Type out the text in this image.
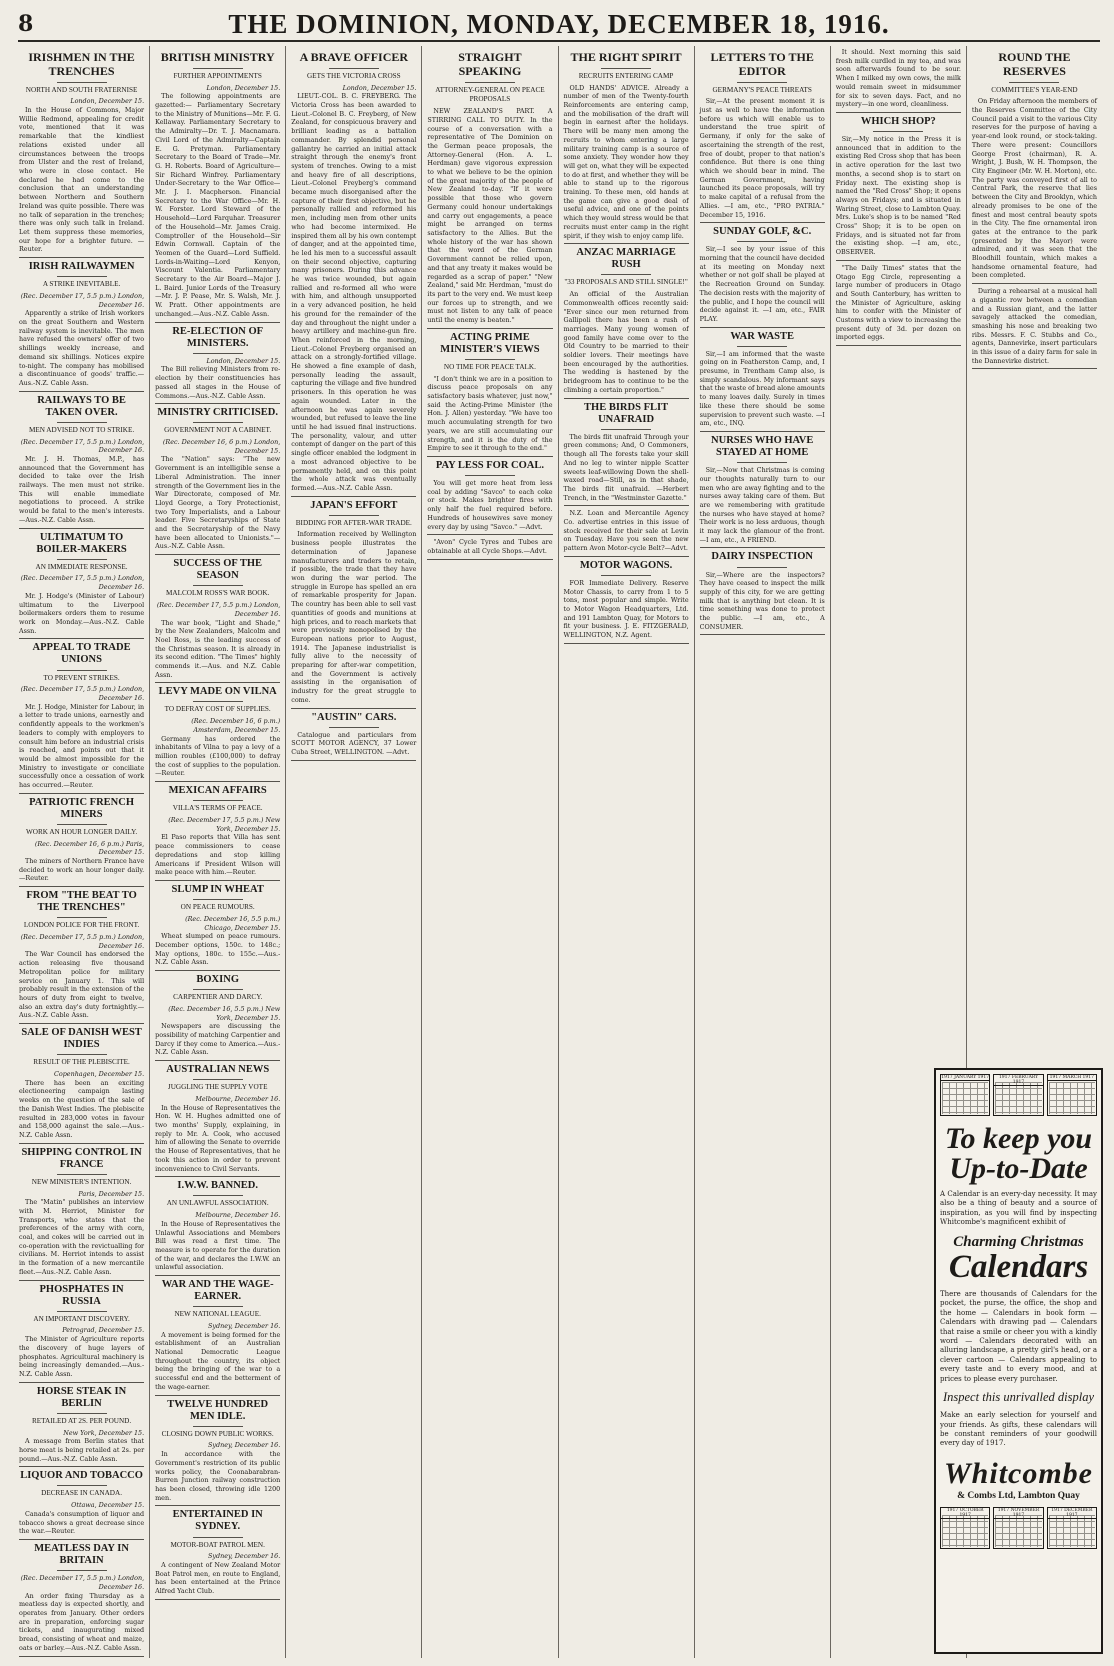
8	THE DOMINION, MONDAY, DECEMBER 18, 1916.
IRISHMEN IN THE TRENCHES
NORTH AND SOUTH FRATERNISE
London, December 15.

In the House of Commons, Major Willie Redmond, appealing for credit vote, mentioned that it was remarkable that the kindliest relations existed under all circumstances between the troops from Ulster and the rest of Ireland, who were in close contact. He declared he had come to the conclusion that an understanding between Northern and Southern Ireland was quite possible. There was no talk of separation in the trenches; there was only such talk in Ireland. Let them suppress these memories, our hope for a brighter future. —Reuter.

IRISH RAILWAYMEN
A STRIKE INEVITABLE.
(Rec. December 17, 5.5 p.m.) London, December 16.

Apparently a strike of Irish workers on the great Southern and Western railway system is inevitable. The men have refused the owners' offer of two shillings weekly increase, and demand six shillings. Notices expire to-night. The company has mobilised a discontinuance of goods' traffic.—Aus.-N.Z. Cable Assn.

RAILWAYS TO BE TAKEN OVER.
MEN ADVISED NOT TO STRIKE.
(Rec. December 17, 5.5 p.m.) London, December 16.

Mr. J. H. Thomas, M.P., has announced that the Government has decided to take over the Irish railways. The men must not strike. This will enable immediate negotiations to proceed. A strike would be fatal to the men's interests.—Aus.-N.Z. Cable Assn.

ULTIMATUM TO BOILER-MAKERS
AN IMMEDIATE RESPONSE.
(Rec. December 17, 5.5 p.m.) London, December 16.

Mr. J. Hodge's (Minister of Labour) ultimatum to the Liverpool boilermakers orders them to resume work on Monday.—Aus.-N.Z. Cable Assn.

APPEAL TO TRADE UNIONS
TO PREVENT STRIKES.
(Rec. December 17, 5.5 p.m.) London, December 16.

Mr. J. Hodge, Minister for Labour, in a letter to trade unions, earnestly and confidently appeals to the workmen's leaders to comply with employers to consult him before an industrial crisis is reached, and points out that it would be almost impossible for the Ministry to investigate or conciliate successfully once a cessation of work has occurred.—Reuter.

PATRIOTIC FRENCH MINERS
WORK AN HOUR LONGER DAILY.
(Rec. December 16, 6 p.m.) Paris, December 15.

The miners of Northern France have decided to work an hour longer daily.—Reuter.

FROM "THE BEAT TO THE TRENCHES"
LONDON POLICE FOR THE FRONT.
(Rec. December 17, 5.5 p.m.) London, December 16.

The War Council has endorsed the action releasing five thousand Metropolitan police for military service on January 1. This will probably result in the extension of the hours of duty from eight to twelve, also an extra day's duty fortnightly.—Aus.-N.Z. Cable Assn.

SALE OF DANISH WEST INDIES
RESULT OF THE PLEBISCITE.
Copenhagen, December 15.

There has been an exciting electioneering campaign lasting weeks on the question of the sale of the Danish West Indies. The plebiscite resulted in 283,000 votes in favour and 158,000 against the sale.—Aus.-N.Z. Cable Assn.

SHIPPING CONTROL IN FRANCE
NEW MINISTER'S INTENTION.
Paris, December 15.

The "Matin" publishes an interview with M. Herriot, Minister for Transports, who states that the preferences of the army with corn, coal, and cokes will be carried out in co-operation with the revictualling for civilians. M. Herriot intends to assist in the formation of a new mercantile fleet.—Aus.-N.Z. Cable Assn.

PHOSPHATES IN RUSSIA
AN IMPORTANT DISCOVERY.
Petrograd, December 15.

The Minister of Agriculture reports the discovery of huge layers of phosphates. Agricultural machinery is being increasingly demanded.—Aus.-N.Z. Cable Assn.

HORSE STEAK IN BERLIN
RETAILED AT 2S. PER POUND.
New York, December 15.

A message from Berlin states that horse meat is being retailed at 2s. per pound.—Aus.-N.Z. Cable Assn.

LIQUOR AND TOBACCO
DECREASE IN CANADA.
Ottawa, December 15.

Canada's consumption of liquor and tobacco shows a great decrease since the war.—Reuter.

MEATLESS DAY IN BRITAIN
(Rec. December 17, 5.5 p.m.) London, December 16.

An order fixing Thursday as a meatless day is expected shortly, and operates from January. Other orders are in preparation, enforcing sugar tickets, and inaugurating mixed bread, consisting of wheat and maize, oats or barley.—Aus.-N.Z. Cable Assn.

BRITISH MINISTRY
FURTHER APPOINTMENTS
London, December 15.

The following appointments are gazetted:— Parliamentary Secretary to the Ministry of Munitions—Mr. F. G. Kellaway. Parliamentary Secretary to the Admiralty—Dr. T. J. Macnamara. Civil Lord of the Admiralty—Captain E. G. Pretyman. Parliamentary Secretary to the Board of Trade—Mr. G. H. Roberts. Board of Agriculture—Sir Richard Winfrey. Parliamentary Under-Secretary to the War Office—Mr. J. I. Macpherson. Financial Secretary to the War Office—Mr. H. W. Forster. Lord Steward of the Household—Lord Farquhar. Treasurer of the Household—Mr. James Craig. Comptroller of the Household—Sir Edwin Cornwall. Captain of the Yeomen of the Guard—Lord Suffield. Lords-in-Waiting—Lord Kenyon, Viscount Valentia. Parliamentary Secretary to the Air Board—Major J. L. Baird. Junior Lords of the Treasury—Mr. J. P. Pease, Mr. S. Walsh, Mr. J. W. Pratt. Other appointments are unchanged.—Aus.-N.Z. Cable Assn.

RE-ELECTION OF MINISTERS.
London, December 15.

The Bill relieving Ministers from re-election by their constituencies has passed all stages in the House of Commons.—Aus.-N.Z. Cable Assn.

MINISTRY CRITICISED.
GOVERNMENT NOT A CABINET.
(Rec. December 16, 6 p.m.) London, December 15.

The "Nation" says: "The new Government is an intelligible sense a Liberal Administration. The inner strength of the Government lies in the War Directorate, composed of Mr. Lloyd George, a Tory Protectionist, two Tory Imperialists, and a Labour leader. Five Secretaryships of State and the Secretaryship of the Navy have been allocated to Unionists."—Aus.-N.Z. Cable Assn.

SUCCESS OF THE SEASON
MALCOLM ROSS'S WAR BOOK.
(Rec. December 17, 5.5 p.m.) London, December 16.

The war book, "Light and Shade," by the New Zealanders, Malcolm and Noel Ross, is the leading success of the Christmas season. It is already in its second edition. "The Times" highly commends it.—Aus. and N.Z. Cable Assn.

LEVY MADE ON VILNA
TO DEFRAY COST OF SUPPLIES.
(Rec. December 16, 6 p.m.) Amsterdam, December 15.

Germany has ordered the inhabitants of Vilna to pay a levy of a million roubles (£100,000) to defray the cost of supplies to the population.—Reuter.

MEXICAN AFFAIRS
VILLA'S TERMS OF PEACE.
(Rec. December 17, 5.5 p.m.) New York, December 15.

El Paso reports that Villa has sent peace commissioners to cease depredations and stop killing Americans if President Wilson will make peace with him.—Reuter.

SLUMP IN WHEAT
ON PEACE RUMOURS.
(Rec. December 16, 5.5 p.m.) Chicago, December 15.

Wheat slumped on peace rumours. December options, 150c. to 148c.; May options, 180c. to 155c.—Aus.-N.Z. Cable Assn.

BOXING
CARPENTIER AND DARCY.
(Rec. December 16, 5.5 p.m.) New York, December 15.

Newspapers are discussing the possibility of matching Carpentier and Darcy if they come to America.—Aus.-N.Z. Cable Assn.

AUSTRALIAN NEWS
JUGGLING THE SUPPLY VOTE
Melbourne, December 16.

In the House of Representatives the Hon. W. H. Hughes admitted one of two months' Supply, explaining, in reply to Mr. A. Cook, who accused him of allowing the Senate to override the House of Representatives, that he took this action in order to prevent inconvenience to Civil Servants.

I.W.W. BANNED.
AN UNLAWFUL ASSOCIATION.
Melbourne, December 16.

In the House of Representatives the Unlawful Associations and Members Bill was read a first time. The measure is to operate for the duration of the war, and declares the I.W.W. an unlawful association.

WAR AND THE WAGE-EARNER.
NEW NATIONAL LEAGUE.
Sydney, December 16.

A movement is being formed for the establishment of an Australian National Democratic League throughout the country, its object being the bringing of the war to a successful end and the betterment of the wage-earner.

TWELVE HUNDRED MEN IDLE.
CLOSING DOWN PUBLIC WORKS.
Sydney, December 16.

In accordance with the Government's restriction of its public works policy, the Coonabarabran-Burren Junction railway construction has been closed, throwing idle 1200 men.

ENTERTAINED IN SYDNEY.
MOTOR-BOAT PATROL MEN.
Sydney, December 16.

A contingent of New Zealand Motor Boat Patrol men, en route to England, has been entertained at the Prince Alfred Yacht Club.

A BRAVE OFFICER
GETS THE VICTORIA CROSS
London, December 15.

LIEUT.-COL. B. C. FREYBERG. The Victoria Cross has been awarded to Lieut.-Colonel B. C. Freyberg, of New Zealand, for conspicuous bravery and brilliant leading as a battalion commander. By splendid personal gallantry he carried an initial attack straight through the enemy's front system of trenches. Owing to a mist and heavy fire of all descriptions, Lieut.-Colonel Freyberg's command became much disorganised after the capture of their first objective, but he personally rallied and reformed his men, including men from other units who had become intermixed. He inspired them all by his own contempt of danger, and at the appointed time, he led his men to a successful assault on their second objective, capturing many prisoners. During this advance he was twice wounded, but again rallied and re-formed all who were with him, and although unsupported in a very advanced position, he held his ground for the remainder of the day and throughout the night under a heavy artillery and machine-gun fire. When reinforced in the morning, Lieut.-Colonel Freyberg organised an attack on a strongly-fortified village. He showed a fine example of dash, personally leading the assault, capturing the village and five hundred prisoners. In this operation he was again wounded. Later in the afternoon he was again severely wounded, but refused to leave the line until he had issued final instructions. The personality, valour, and utter contempt of danger on the part of this single officer enabled the lodgment in a most advanced objective to be permanently held, and on this point the whole attack was eventually formed.—Aus.-N.Z. Cable Assn.

JAPAN'S EFFORT
BIDDING FOR AFTER-WAR TRADE.

Information received by Wellington business people illustrates the determination of Japanese manufacturers and traders to retain, if possible, the trade that they have won during the war period. The struggle in Europe has spelled an era of remarkable prosperity for Japan. The country has been able to sell vast quantities of goods and munitions at high prices, and to reach markets that were previously monopolised by the European nations prior to August, 1914. The Japanese industrialist is fully alive to the necessity of preparing for after-war competition, and the Government is actively assisting in the organisation of industry for the great struggle to come.

"AUSTIN" CARS.

Catalogue and particulars from SCOTT MOTOR AGENCY, 37 Lower Cuba Street, WELLINGTON. —Advt.

STRAIGHT SPEAKING
ATTORNEY-GENERAL ON PEACE PROPOSALS

NEW ZEALAND'S PART. A STIRRING CALL TO DUTY. In the course of a conversation with a representative of The Dominion on the German peace proposals, the Attorney-General (Hon. A. L. Herdman) gave vigorous expression to what we believe to be the opinion of the great majority of the people of New Zealand to-day. "If it were possible that those who govern Germany could honour undertakings and carry out engagements, a peace might be arranged on terms satisfactory to the Allies. But the whole history of the war has shown that the word of the German Government cannot be relied upon, and that any treaty it makes would be regarded as a scrap of paper." "New Zealand," said Mr. Herdman, "must do its part to the very end. We must keep our forces up to strength, and we must not listen to any talk of peace until the enemy is beaten."

ACTING PRIME MINISTER'S VIEWS
NO TIME FOR PEACE TALK.

"I don't think we are in a position to discuss peace proposals on any satisfactory basis whatever, just now," said the Acting-Prime Minister (the Hon. J. Allen) yesterday. "We have too much accumulating strength for two years, we are still accumulating our strength, and it is the duty of the Empire to see it through to the end."

PAY LESS FOR COAL.

You will get more heat from less coal by adding "Savco" to each coke or stock. Makes brighter fires with only half the fuel required before. Hundreds of housewives save money every day by using "Savco." —Advt.

"Avon" Cycle Tyres and Tubes are obtainable at all Cycle Shops.—Advt.

THE RIGHT SPIRIT
RECRUITS ENTERING CAMP

OLD HANDS' ADVICE. Already a number of men of the Twenty-fourth Reinforcements are entering camp, and the mobilisation of the draft will begin in earnest after the holidays. There will be many men among the recruits to whom entering a large military training camp is a source of some anxiety. They wonder how they will get on, what they will be expected to do at first, and whether they will be able to stand up to the rigorous training. To these men, old hands at the game can give a good deal of useful advice, and one of the points which they would stress would be that recruits must enter camp in the right spirit, if they wish to enjoy camp life.

ANZAC MARRIAGE RUSH
"33 PROPOSALS AND STILL SINGLE!"

An official of the Australian Commonwealth offices recently said: "Ever since our men returned from Gallipoli there has been a rush of marriages. Many young women of good family have come over to the Old Country to be married to their soldier lovers. Their meetings have been encouraged by the authorities. The wedding is hastened by the bridegroom has to continue to be the climbing a certain proportion."

THE BIRDS FLIT UNAFRAID

The birds flit unafraid Through your green commons; And, O Commoners, though all The forests take your skill And no leg to winter nipple Scatter sweets leaf-willowing Down the shell-waxed road—Still, as in that shade, The birds flit unafraid. —Herbert Trench, in the "Westminster Gazette."

N.Z. Loan and Mercantile Agency Co. advertise entries in this issue of stock received for their sale at Levin on Tuesday. Have you seen the new pattern Avon Motor-cycle Belt?—Advt.

MOTOR WAGONS.

FOR Immediate Delivery. Reserve Motor Chassis, to carry from 1 to 5 tons, most popular and simple. Write to Motor Wagon Headquarters, Ltd. and 191 Lambton Quay, for Motors to fit your business. J. E. FITZGERALD, WELLINGTON, N.Z. Agent.

LETTERS TO THE EDITOR
GERMANY'S PEACE THREATS

Sir,—At the present moment it is just as well to have the information before us which will enable us to understand the true spirit of Germany, if only for the sake of ascertaining the strength of the rest, free of doubt, proper to that nation's confidence. But there is one thing which we should bear in mind. The German Government, having launched its peace proposals, will try to make capital of a refusal from the Allies. —I am, etc., "PRO PATRIA." December 15, 1916.

SUNDAY GOLF, &C.

Sir,—I see by your issue of this morning that the council have decided at its meeting on Monday next whether or not golf shall be played at the Recreation Ground on Sunday. The decision rests with the majority of the public, and I hope the council will decide against it. —I am, etc., FAIR PLAY.

WAR WASTE

Sir,—I am informed that the waste going on in Featherston Camp, and, I presume, in Trentham Camp also, is simply scandalous. My informant says that the waste of bread alone amounts to many loaves daily. Surely in times like these there should be some supervision to prevent such waste. —I am, etc., INQ.

NURSES WHO HAVE STAYED AT HOME

Sir,—Now that Christmas is coming our thoughts naturally turn to our men who are away fighting and to the nurses away taking care of them. But are we remembering with gratitude the nurses who have stayed at home? Their work is no less arduous, though it may lack the glamour of the front. —I am, etc., A FRIEND.

DAIRY INSPECTION

Sir,—Where are the inspectors? They have ceased to inspect the milk supply of this city, for we are getting milk that is anything but clean. It is time something was done to protect the public. —I am, etc., A CONSUMER.

It should. Next morning this said fresh milk curdled in my tea, and was soon afterwards found to be sour. When I milked my own cows, the milk would remain sweet in midsummer for six to seven days. Fact, and no mystery—in one word, cleanliness.

WHICH SHOP?

Sir,—My notice in the Press it is announced that in addition to the existing Red Cross shop that has been in active operation for the last two months, a second shop is to start on Friday next. The existing shop is named the "Red Cross" Shop; it opens always on Fridays; and is situated in Waring Street, close to Lambton Quay. Mrs. Luke's shop is to be named "Red Cross" Shop; it is to be open on Fridays, and is situated not far from the existing shop. —I am, etc., OBSERVER.

"The Daily Times" states that the Otago Egg Circle, representing a large number of producers in Otago and South Canterbury, has written to the Minister of Agriculture, asking him to confer with the Minister of Customs with a view to increasing the present duty of 3d. per dozen on imported eggs.

ROUND THE RESERVES
COMMITTEE'S YEAR-END

On Friday afternoon the members of the Reserves Committee of the City Council paid a visit to the various City reserves for the purpose of having a year-end look round, or stock-taking. There were present: Councillors George Frost (chairman), R. A. Wright, J. Bush, W. H. Thompson, the City Engineer (Mr. W. H. Morton), etc. The party was conveyed first of all to Central Park, the reserve that lies between the City and Brooklyn, which already promises to be one of the finest and most central beauty spots in the City. The fine ornamental iron gates at the entrance to the park (presented by the Mayor) were admired, and it was seen that the Bloodhill fountain, which makes a handsome ornamental feature, had been completed.

During a rehearsal at a musical hall a gigantic row between a comedian and a Russian giant, and the latter savagely attacked the comedian, smashing his nose and breaking two ribs. Messrs. F. C. Stubbs and Co., agents, Dannevirke, insert particulars in this issue of a dairy farm for sale in the Dannevirke district.

1917 JANUARY 1917	1917 FEBRUARY 1917
1917 MARCH 1917
To keep you Up-to-Date
A Calendar is an every-day necessity. It may also be a thing of beauty and a source of inspiration, as you will find by inspecting Whitcombe's magnificent exhibit of
Charming Christmas
Calendars
There are thousands of Calendars for the pocket, the purse, the office, the shop and the home — Calendars in book form — Calendars with drawing pad — Calendars that raise a smile or cheer you with a kindly word — Calendars decorated with an alluring landscape, a pretty girl's head, or a clever cartoon — Calendars appealing to every taste and to every mood, and at prices to please every purchaser.
Inspect this unrivalled display
Make an early selection for yourself and your friends. As gifts, these calendars will be constant reminders of your goodwill every day of 1917.
Whitcombe
& Combs Ltd, Lambton Quay
1917 OCTOBER 1917
1917 NOVEMBER 1917
1917 DECEMBER 1917
